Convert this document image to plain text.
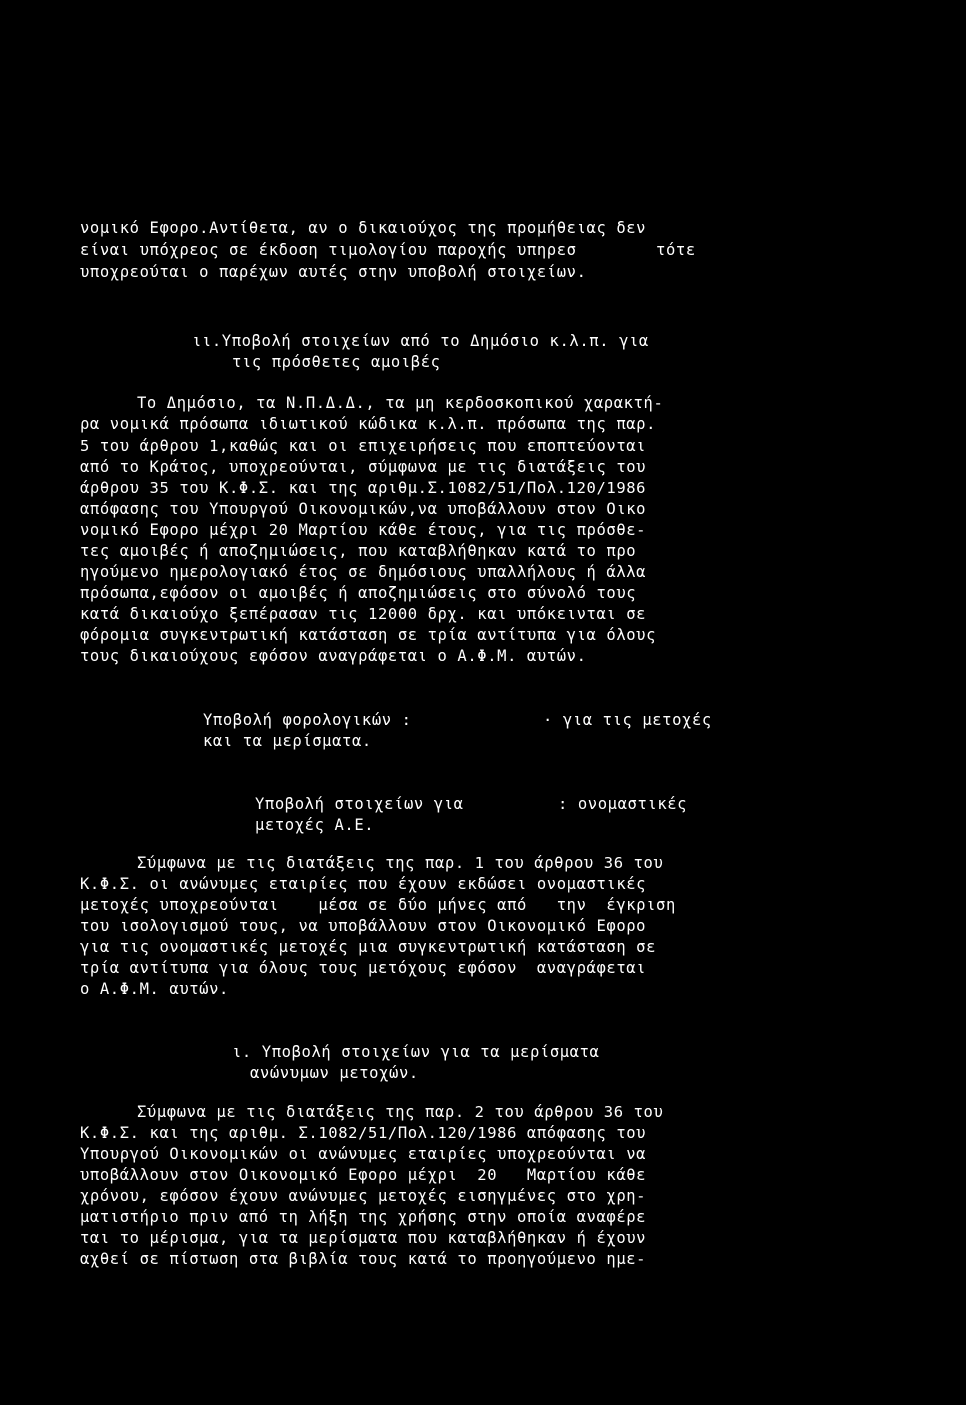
νομικό Εφορο.Αντίθετα, αν ο δικαιούχος της προμήθειας δεν
είναι υπόχρεος σε έκδοση τιμολογίου παροχής υπηρεσ        τότε
υποχρεούται ο παρέχων αυτές στην υποβολή στοιχείων.
ιι.Υποβολή στοιχείων από το Δημόσιο κ.λ.π. για
τις πρόσθετες αμοιβές
Το Δημόσιο, τα Ν.Π.Δ.Δ., τα μη κερδοσκοπικού χαρακτή-
ρα νομικά πρόσωπα ιδιωτικού κώδικα κ.λ.π. πρόσωπα της παρ.
5 του άρθρου 1,καθώς και οι επιχειρήσεις που εποπτεύονται
από το Κράτος, υποχρεούνται, σύμφωνα με τις διατάξεις του
άρθρου 35 του Κ.Φ.Σ. και της αριθμ.Σ.1082/51/Πολ.120/1986
απόφασης του Υπουργού Οικονομικών,να υποβάλλουν στον Οικο
νομικό Εφορο μέχρι 20 Μαρτίου κάθε έτους, για τις πρόσθε-
τες αμοιβές ή αποζημιώσεις, που καταβλήθηκαν κατά το προ
ηγούμενο ημερολογιακό έτος σε δημόσιους υπαλλήλους ή άλλα
πρόσωπα,εφόσον οι αμοιβές ή αποζημιώσεις στο σύνολό τους
κατά δικαιούχο ξεπέρασαν τις 12000 δρχ. και υπόκεινται σε
φόρομια συγκεντρωτική κατάσταση σε τρία αντίτυπα για όλους
τους δικαιούχους εφόσον αναγράφεται ο Α.Φ.Μ. αυτών.
Υποβολή φορολογικών :
και τα μερίσματα.
· για τις μετοχές
Υποβολή στοιχείων για
μετοχές Α.Ε.
: ονομαστικές
Σύμφωνα με τις διατάξεις της παρ. 1 του άρθρου 36 του
Κ.Φ.Σ. οι ανώνυμες εταιρίες που έχουν εκδώσει ονομαστικές
μετοχές υποχρεούνται    μέσα σε δύο μήνες από   την  έγκριση
του ισολογισμού τους, να υποβάλλουν στον Οικονομικό Εφορο
για τις ονομαστικές μετοχές μια συγκεντρωτική κατάσταση σε
τρία αντίτυπα για όλους τους μετόχους εφόσον  αναγράφεται
ο Α.Φ.Μ. αυτών.
ι. Υποβολή στοιχείων για τα μερίσματα
ανώνυμων μετοχών.
Σύμφωνα με τις διατάξεις της παρ. 2 του άρθρου 36 του
Κ.Φ.Σ. και της αριθμ. Σ.1082/51/Πολ.120/1986 απόφασης του
Υπουργού Οικονομικών οι ανώνυμες εταιρίες υποχρεούνται να
υποβάλλουν στον Οικονομικό Εφορο μέχρι  20   Μαρτίου κάθε
χρόνου, εφόσον έχουν ανώνυμες μετοχές εισηγμένες στο χρη-
ματιστήριο πριν από τη λήξη της χρήσης στην οποία αναφέρε
ται το μέρισμα, για τα μερίσματα που καταβλήθηκαν ή έχουν
αχθεί σε πίστωση στα βιβλία τους κατά το προηγούμενο ημε-
